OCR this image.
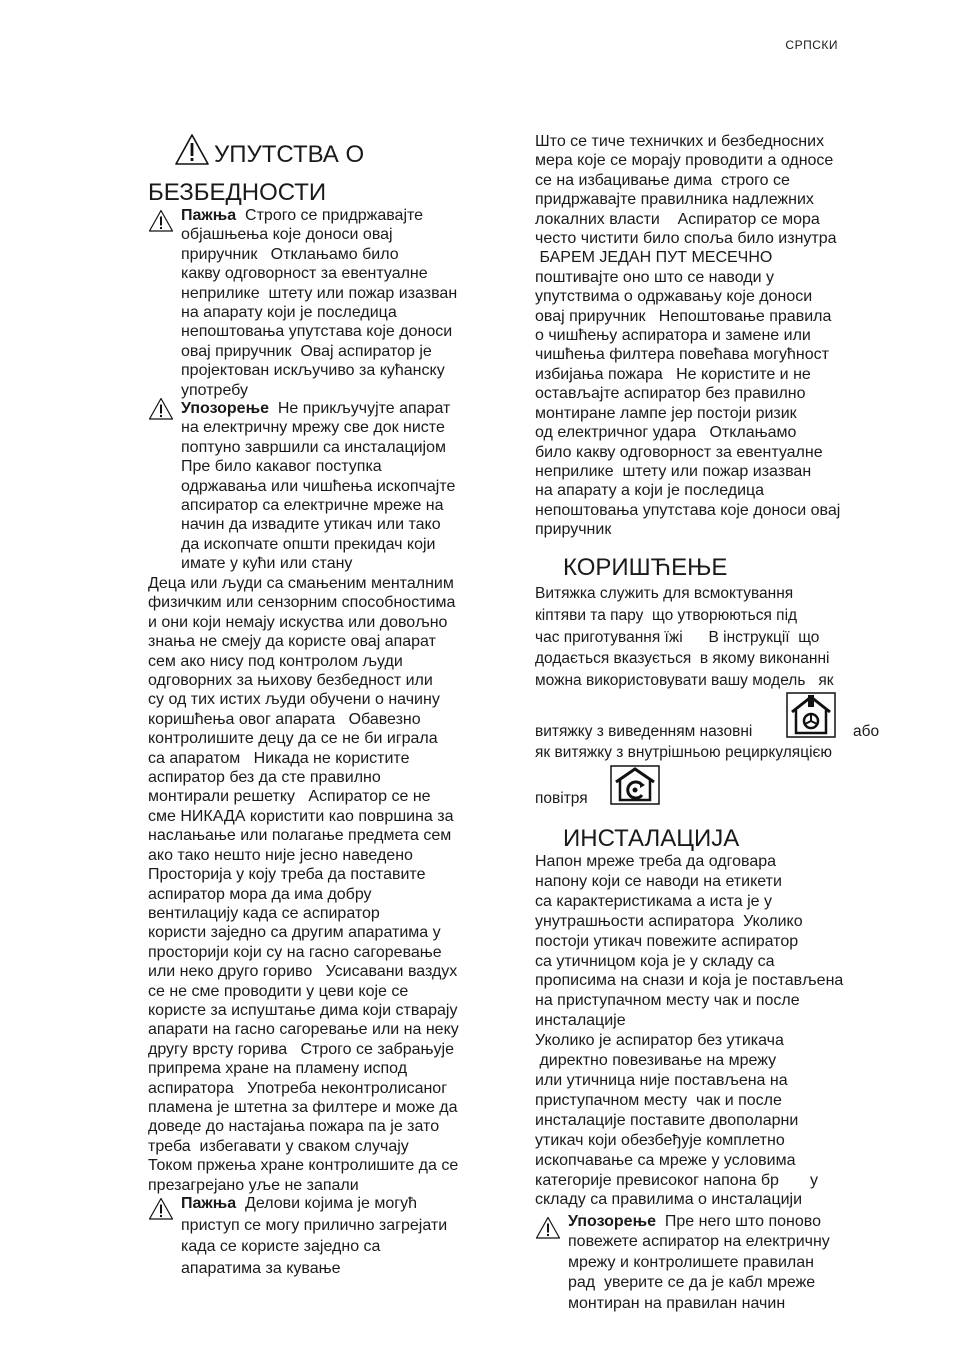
СРПСКИ
УПУТСТВА О
БЕЗБЕДНОСТИ
Пажња  Строго се придржавајте
објашњења које доноси овај
приручник   Отклањамо било
какву одговорност за евентуалне
неприлике  штету или пожар изазван
на апарату који је последица
непоштовања упутстава које доноси
овај приручник  Овај аспиратор је
пројектован искључиво за кућанску
употребу
Упозорење  Не прикључујте апарат
на електричну мрежу све док нисте
поптуно завршили са инсталацијом
Пре било какавог поступка
одржавања или чишћења ископчајте
апсиратор са електричне мреже на
начин да извадите утикач или тако
да ископчате општи прекидач који
имате у кући или стану
Деца или људи са смањеним менталним
физичким или сензорним способностима
и они који немају искуства или довољно
знања не смеју да користе овај апарат
сем ако нису под контролом људи
одговорних за њихову безбедност или
су од тих истих људи обучени о начину
коришћења овог апарата   Обавезно
контролишите децу да се не би играла
са апаратом   Никада не користите
аспиратор без да сте правилно
монтирали решетку   Аспиратор се не
сме НИКАДА користити као површина за
наслањање или полагање предмета сем
ако тако нешто није јесно наведено
Просторија у коју треба да поставите
аспиратор мора да има добру
вентилацију када се аспиратор
користи заједно са другим апаратима у
просторији који су на гасно сагоревање
или неко друго гориво   Усисавани ваздух
се не сме проводити у цеви које се
користе за испуштање дима који стварају
апарати на гасно сагоревање или на неку
другу врсту горива   Строго се забрањује
припрема хране на пламену испод
аспиратора   Употреба неконтролисаног
пламена је штетна за филтере и може да
доведе до настајања пожара па је зато
треба  избегавати у сваком случају
Током пржења хране контролишите да се
презагрејано уље не запали
Пажња  Делови којима је могућ
приступ се могу прилично загрејати
када се користе заједно са
апаратима за кување
Што се тиче техничких и безбедносних
мера које се морају проводити а односе
се на избацивање дима  строго се
придржавајте правилника надлежних
локалних власти    Аспиратор се мора
често чистити било споља било изнутра
БАРЕМ ЈЕДАН ПУТ МЕСЕЧНО
поштивајте оно што се наводи у
упутствима о одржавању које доноси
овај приручник   Непоштовање правила
о чишћењу аспиратора и замене или
чишћења филтера повећава могућност
избијања пожара   Не користите и не
остављајте аспиратор без правилно
монтиране лампе јер постоји ризик
од електричног удара   Отклањамо
било какву одговорност за евентуалне
неприлике  штету или пожар изазван
на апарату а који је последица
непоштовања упутстава које доноси овај
приручник
КОРИШЋЕЊЕ
Витяжка служить для всмоктування
кіптяви та пару  що утворюються під
час приготування їжі      В інструкції  що
додається вказується  в якому виконанні
можна використовувати вашу модель   як
витяжку з виведенням назовні	або
як витяжку з внутрішньою рециркуляцією
повітря
ИНСТАЛАЦИЈА
Напон мреже треба да одговара
напону који се наводи на етикети
са карактеристикама а иста је у
унутрашњости аспиратора  Уколико
постоји утикач повежите аспиратор
са утичницом која је у складу са
прописима на снази и која је постављена
на приступачном месту чак и после
инсталације
Уколико је аспиратор без утикача
директно повезивање на мрежу
или утичница није постављена на
приступачном месту  чак и после
инсталације поставите двополарни
утикач који обезбеђује комплетно
ископчавање са мреже у условима
категорије превисоког напона бр       у
складу са правилима о инсталацији
Упозорење  Пре него што поново
повежете аспиратор на електричну
мрежу и контролишете правилан
рад  уверите се да је кабл мреже
монтиран на правилан начин
